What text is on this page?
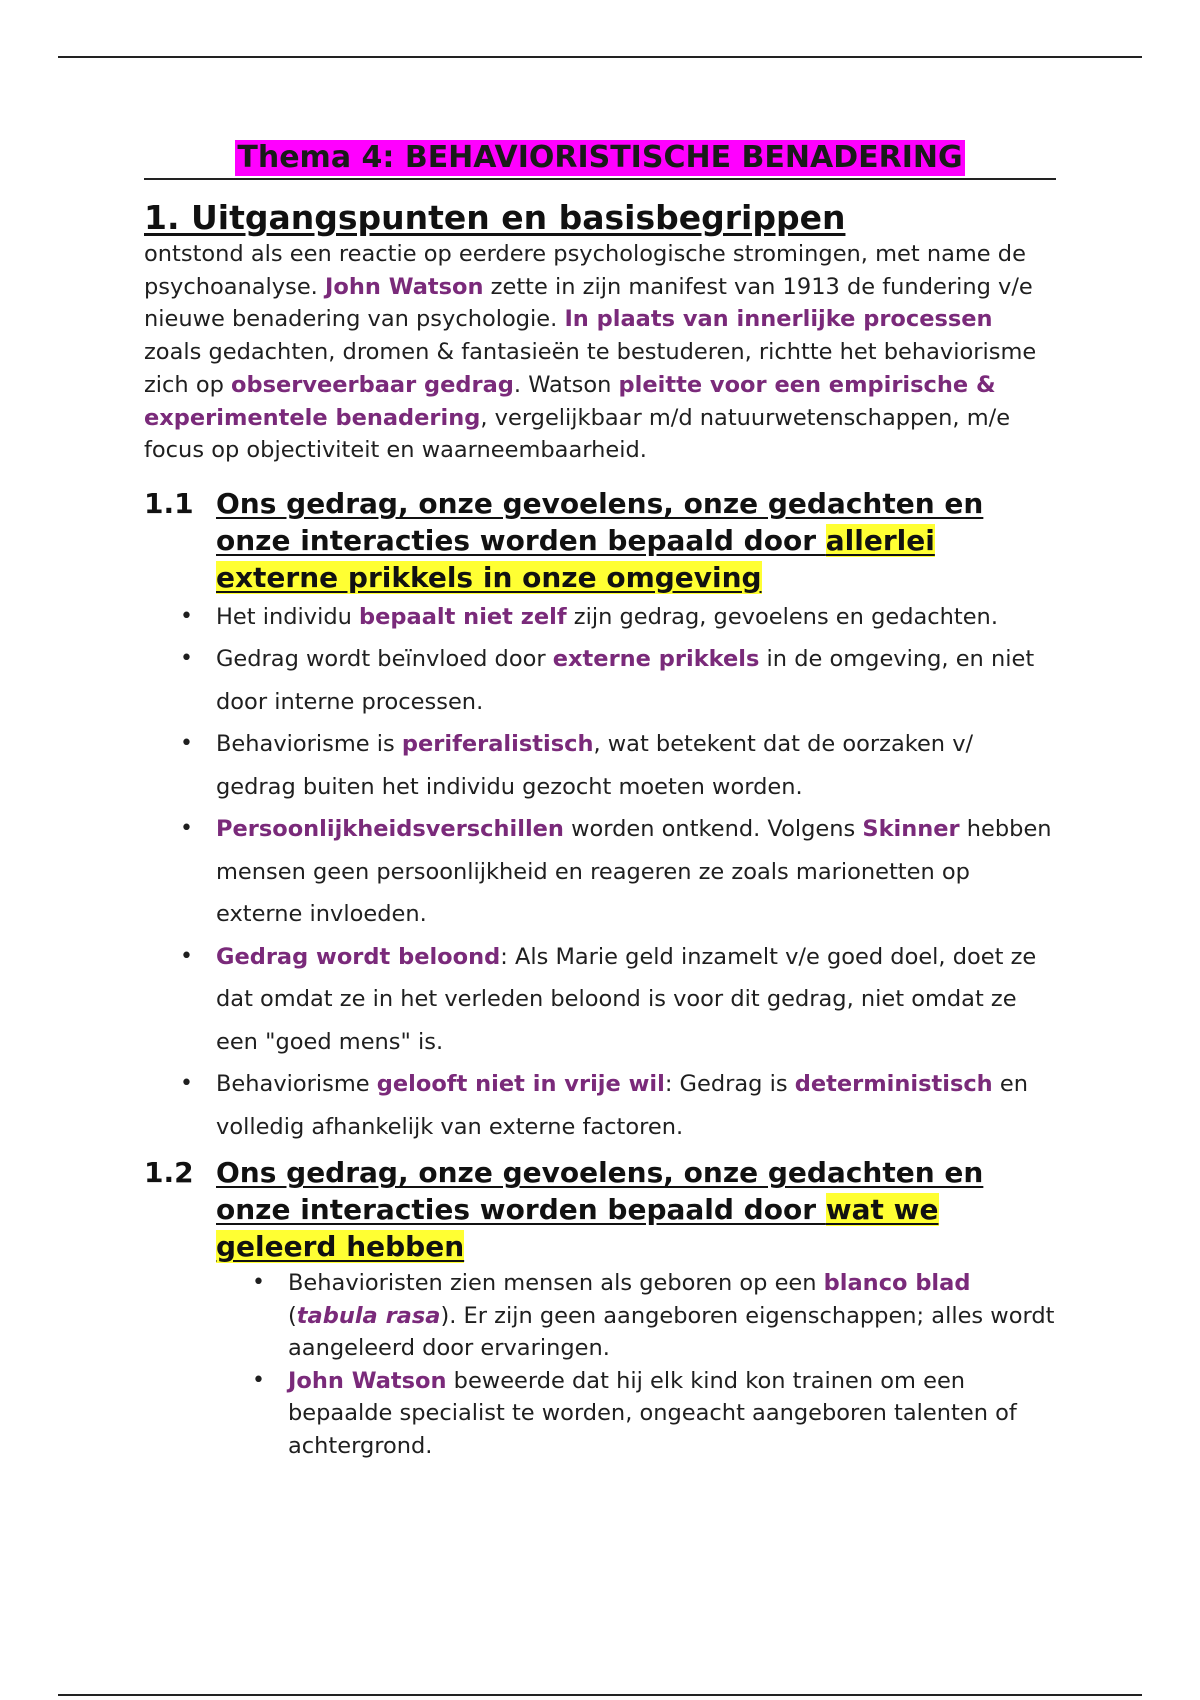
Thema 4: BEHAVIORISTISCHE BENADERING
1. Uitgangspunten en basisbegrippen

ontstond als een reactie op eerdere psychologische stromingen, met name de psychoanalyse. John Watson zette in zijn manifest van 1913 de fundering v/e nieuwe benadering van psychologie. In plaats van innerlijke processen zoals gedachten, dromen & fantasieën te bestuderen, richtte het behaviorisme zich op observeerbaar gedrag. Watson pleitte voor een empirische & experimentele benadering, vergelijkbaar m/d natuurwetenschappen, m/e focus op objectiviteit en waarneembaarheid.

1.1 Ons gedrag, onze gevoelens, onze gedachten en onze interacties worden bepaald door allerlei externe prikkels in onze omgeving
• Het individu bepaalt niet zelf zijn gedrag, gevoelens en gedachten.
• Gedrag wordt beïnvloed door externe prikkels in de omgeving, en niet door interne processen.
• Behaviorisme is periferalistisch, wat betekent dat de oorzaken v/ gedrag buiten het individu gezocht moeten worden.
• Persoonlijkheidsverschillen worden ontkend. Volgens Skinner hebben mensen geen persoonlijkheid en reageren ze zoals marionetten op externe invloeden.
• Gedrag wordt beloond: Als Marie geld inzamelt v/e goed doel, doet ze dat omdat ze in het verleden beloond is voor dit gedrag, niet omdat ze een "goed mens" is.
• Behaviorisme gelooft niet in vrije wil: Gedrag is deterministisch en volledig afhankelijk van externe factoren.
1.2 Ons gedrag, onze gevoelens, onze gedachten en onze interacties worden bepaald door wat we geleerd hebben
• Behavioristen zien mensen als geboren op een blanco blad (tabula rasa). Er zijn geen aangeboren eigenschappen; alles wordt aangeleerd door ervaringen.
• John Watson beweerde dat hij elk kind kon trainen om een bepaalde specialist te worden, ongeacht aangeboren talenten of achtergrond.
